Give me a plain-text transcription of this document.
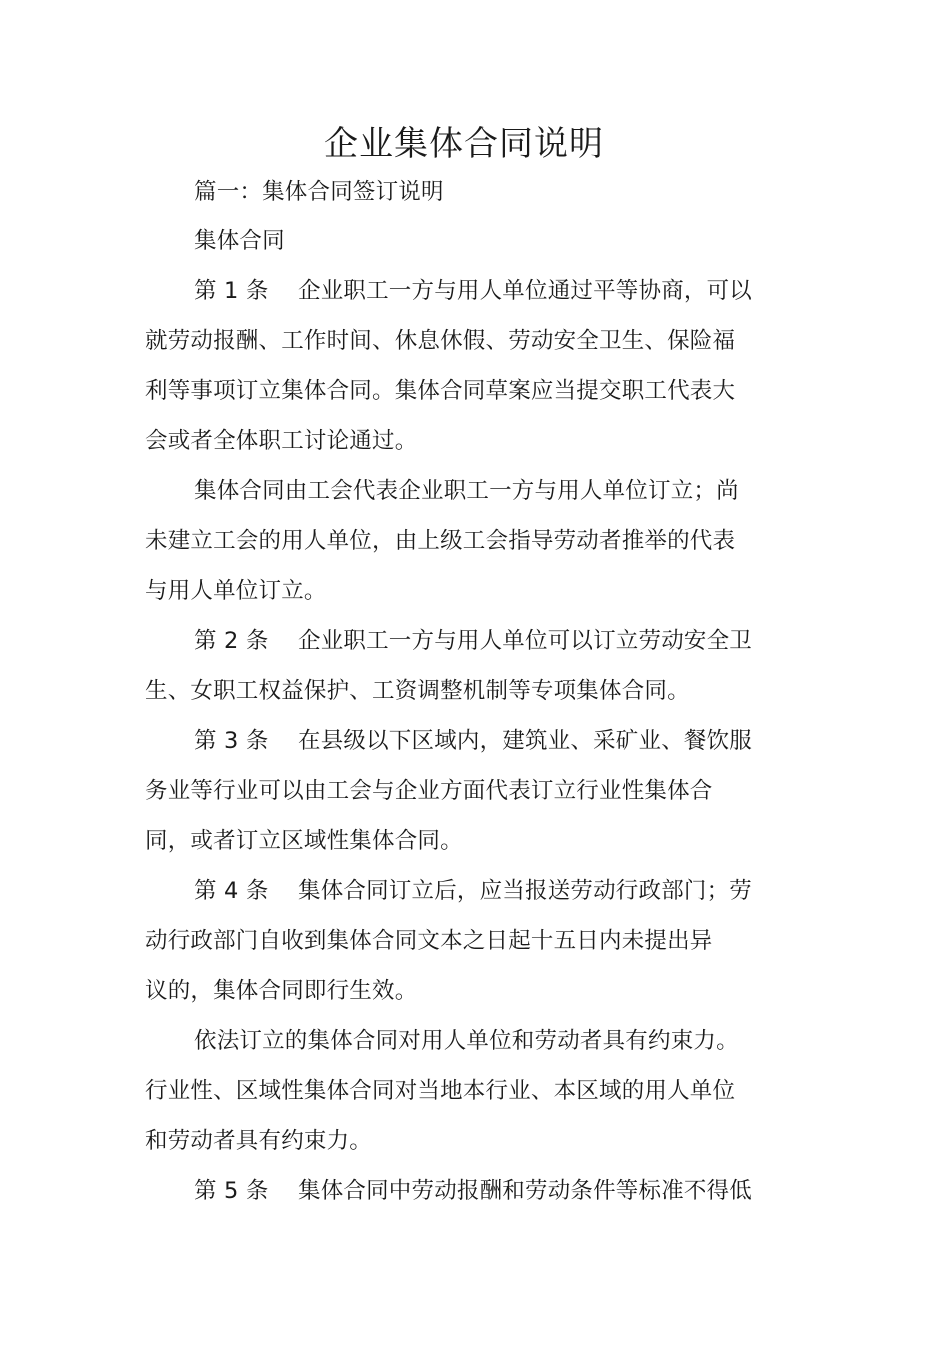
企业集体合同说明
篇一：集体合同签订说明
集体合同
第 1 条 企业职工一方与用人单位通过平等协商，可以
就劳动报酬、工作时间、休息休假、劳动安全卫生、保险福
利等事项订立集体合同。集体合同草案应当提交职工代表大
会或者全体职工讨论通过。
集体合同由工会代表企业职工一方与用人单位订立；尚
未建立工会的用人单位，由上级工会指导劳动者推举的代表
与用人单位订立。
第 2 条 企业职工一方与用人单位可以订立劳动安全卫
生、女职工权益保护、工资调整机制等专项集体合同。
第 3 条 在县级以下区域内，建筑业、采矿业、餐饮服
务业等行业可以由工会与企业方面代表订立行业性集体合
同，或者订立区域性集体合同。
第 4 条 集体合同订立后，应当报送劳动行政部门；劳
动行政部门自收到集体合同文本之日起十五日内未提出异
议的，集体合同即行生效。
依法订立的集体合同对用人单位和劳动者具有约束力。
行业性、区域性集体合同对当地本行业、本区域的用人单位
和劳动者具有约束力。
第 5 条 集体合同中劳动报酬和劳动条件等标准不得低
